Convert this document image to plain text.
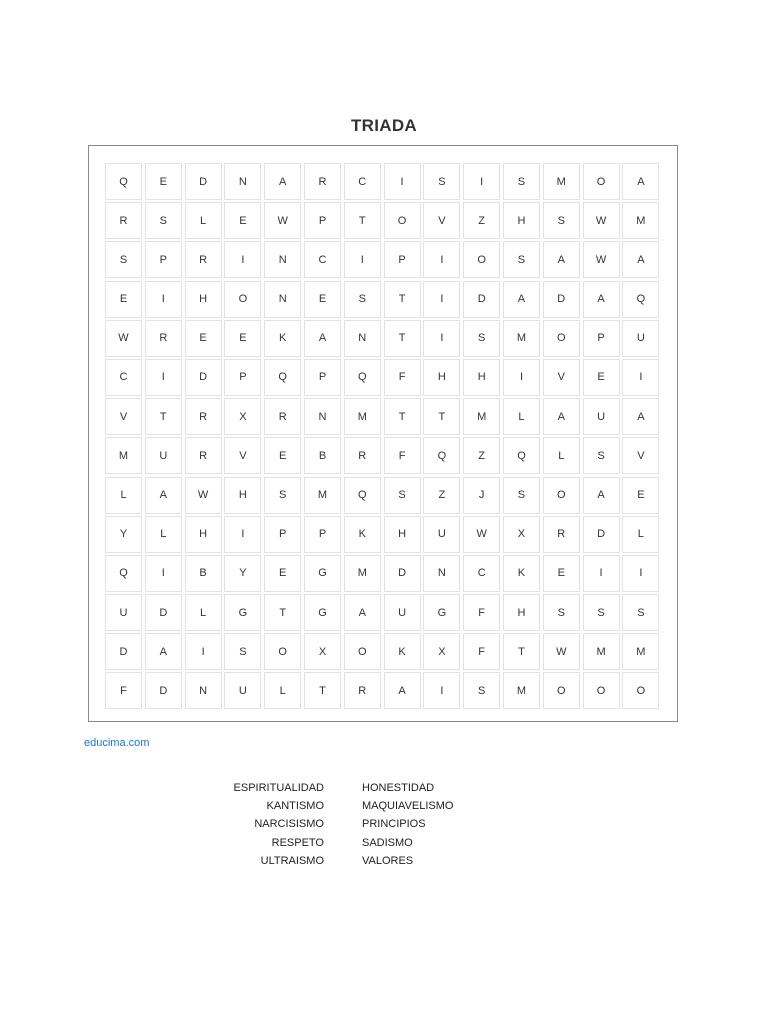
TRIADA
Q	E	D	N	A	R	C	I	S	I	S	M	O	A
R	S	L	E	W	P	T	O	V	Z	H	S	W	M
S	P	R	I	N	C	I	P	I	O	S	A	W	A
E	I	H	O	N	E	S	T	I	D	A	D	A	Q
W	R	E	E	K	A	N	T	I	S	M	O	P	U
C	I	D	P	Q	P	Q	F	H	H	I	V	E	I
V	T	R	X	R	N	M	T	T	M	L	A	U	A
M	U	R	V	E	B	R	F	Q	Z	Q	L	S	V
L	A	W	H	S	M	Q	S	Z	J	S	O	A	E
Y	L	H	I	P	P	K	H	U	W	X	R	D	L
Q	I	B	Y	E	G	M	D	N	C	K	E	I	I
U	D	L	G	T	G	A	U	G	F	H	S	S	S
D	A	I	S	O	X	O	K	X	F	T	W	M	M
F	D	N	U	L	T	R	A	I	S	M	O	O	O
educima.com
ESPIRITUALIDAD
KANTISMO
NARCISISMO
RESPETO
ULTRAISMO
HONESTIDAD
MAQUIAVELISMO
PRINCIPIOS
SADISMO
VALORES
